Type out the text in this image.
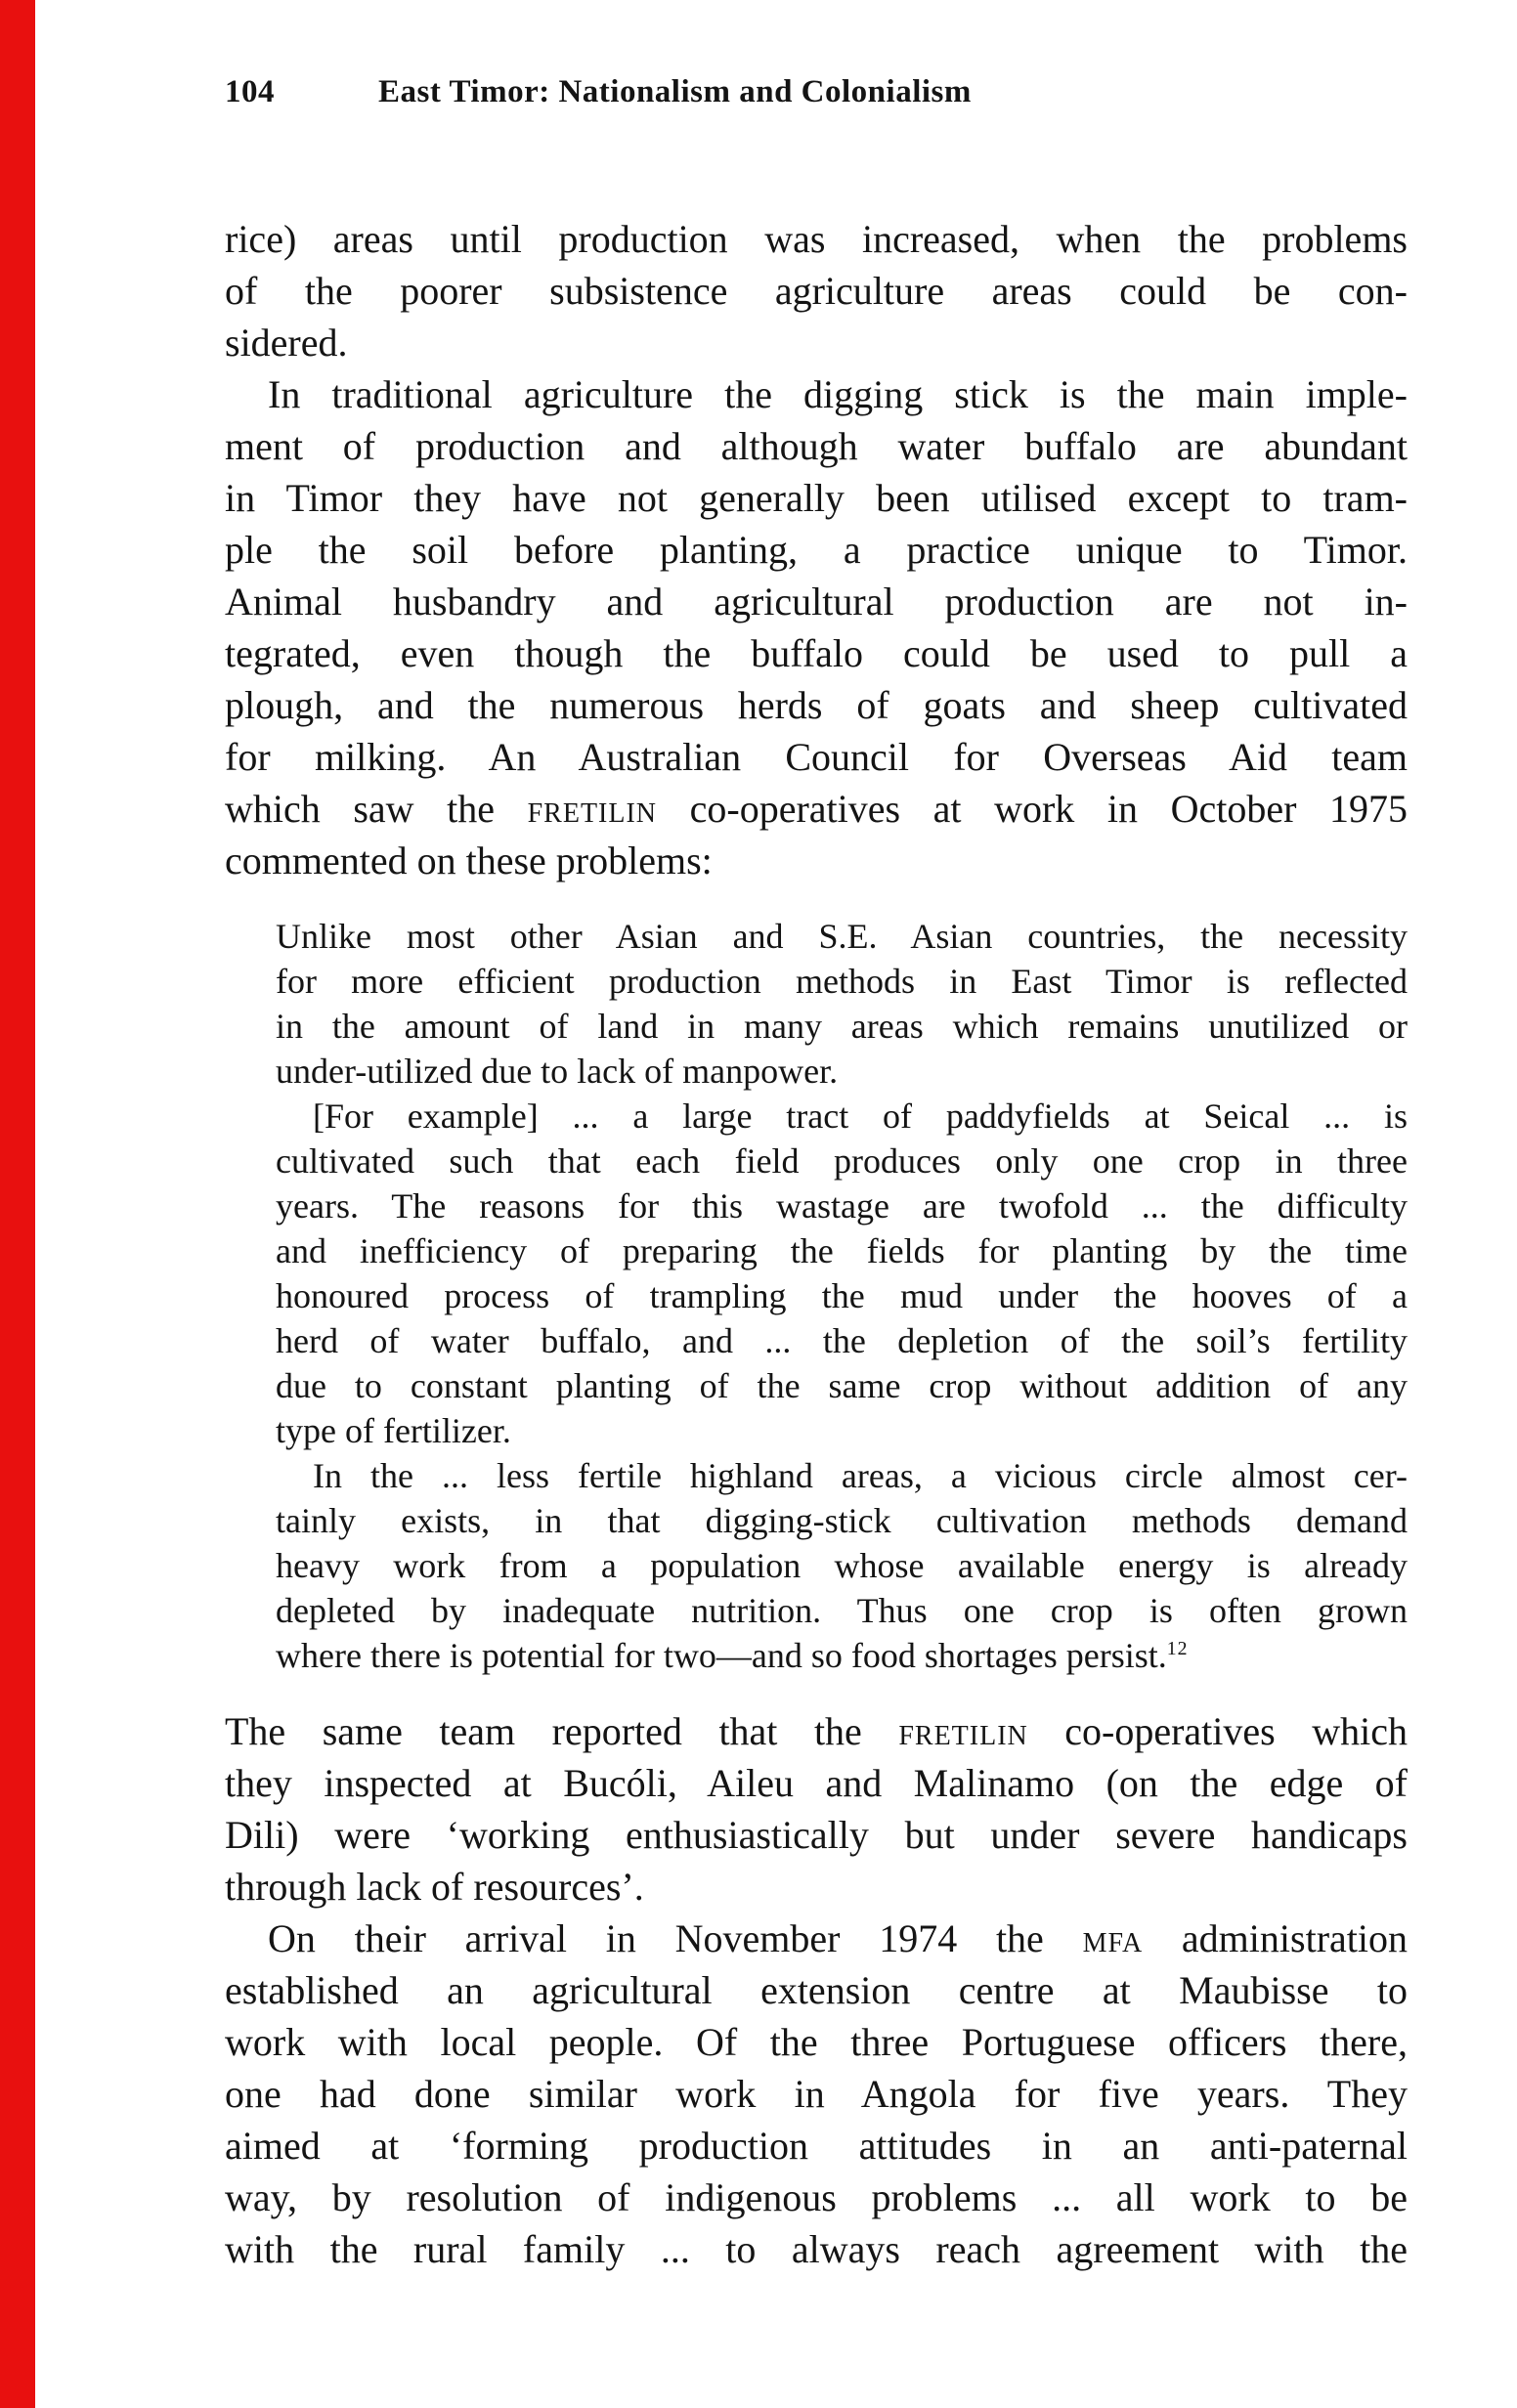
104	East Timor: Nationalism and Colonialism

rice) areas until production was increased, when the problems
of the poorer subsistence agriculture areas could be con-
sidered.

In traditional agriculture the digging stick is the main imple-
ment of production and although water buffalo are abundant
in Timor they have not generally been utilised except to tram-
ple the soil before planting, a practice unique to Timor.
Animal husbandry and agricultural production are not in-
tegrated, even though the buffalo could be used to pull a
plough, and the numerous herds of goats and sheep cultivated
for milking. An Australian Council for Overseas Aid team
which saw the fretilin co-operatives at work in October 1975
commented on these problems:

Unlike most other Asian and S.E. Asian countries, the necessity
for more efficient production methods in East Timor is reflected
in the amount of land in many areas which remains unutilized or
under-utilized due to lack of manpower.

[For example] ... a large tract of paddyfields at Seical ... is
cultivated such that each field produces only one crop in three
years. The reasons for this wastage are twofold ... the difficulty
and inefficiency of preparing the fields for planting by the time
honoured process of trampling the mud under the hooves of a
herd of water buffalo, and ... the depletion of the soil’s fertility
due to constant planting of the same crop without addition of any
type of fertilizer.

In the ... less fertile highland areas, a vicious circle almost cer-
tainly exists, in that digging-stick cultivation methods demand
heavy work from a population whose available energy is already
depleted by inadequate nutrition. Thus one crop is often grown
where there is potential for two—and so food shortages persist.$^{12}$

The same team reported that the fretilin co-operatives which
they inspected at Bucóli, Aileu and Malinamo (on the edge of
Dili) were ‘working enthusiastically but under severe handicaps
through lack of resources’.

On their arrival in November 1974 the mfa administration
established an agricultural extension centre at Maubisse to
work with local people. Of the three Portuguese officers there,
one had done similar work in Angola for five years. They
aimed at ‘forming production attitudes in an anti-paternal
way, by resolution of indigenous problems ... all work to be
with the rural family ... to always reach agreement with the
